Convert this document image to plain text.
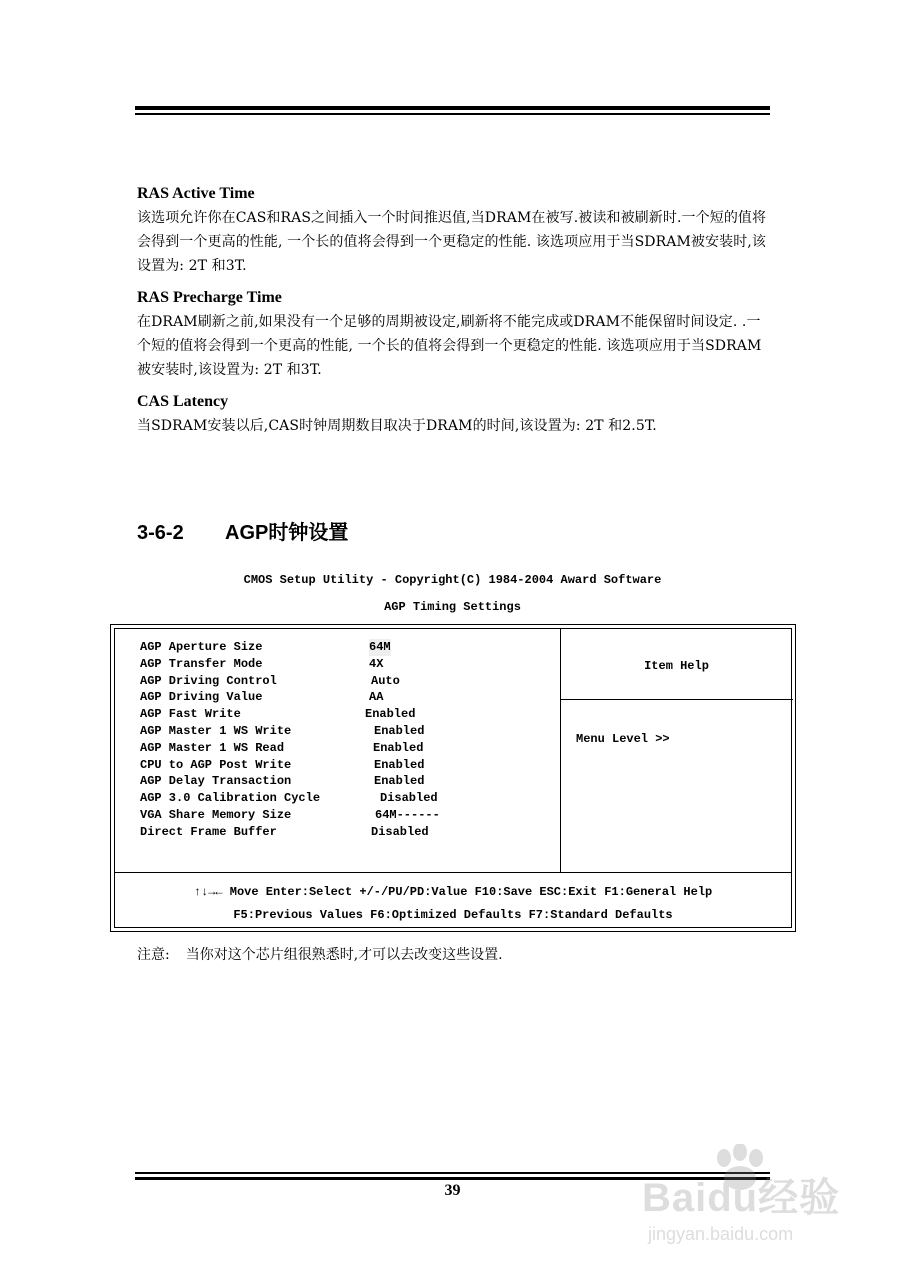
RAS Active Time

该选项允许你在CAS和RAS之间插入一个时间推迟值,当DRAM在被写.被读和被刷新时.一个短的值将会得到一个更高的性能, 一个长的值将会得到一个更稳定的性能. 该选项应用于当SDRAM被安装时,该设置为: 2T 和3T.

RAS Precharge Time

在DRAM刷新之前,如果没有一个足够的周期被设定,刷新将不能完成或DRAM不能保留时间设定. .一个短的值将会得到一个更高的性能, 一个长的值将会得到一个更稳定的性能. 该选项应用于当SDRAM被安装时,该设置为: 2T 和3T.

CAS Latency

当SDRAM安装以后,CAS时钟周期数目取决于DRAM的时间,该设置为: 2T 和2.5T.

3-6-2 AGP时钟设置
CMOS Setup Utility - Copyright(C) 1984-2004 Award Software
AGP Timing Settings
AGP Aperture Size	64M
AGP Transfer Mode	4X
AGP Driving Control	Auto
AGP Driving Value	AA
AGP Fast Write	Enabled
AGP Master 1 WS Write	Enabled
AGP Master 1 WS Read	Enabled
CPU to AGP Post Write	Enabled
AGP Delay Transaction	Enabled
AGP 3.0 Calibration Cycle	Disabled
VGA Share Memory Size	64M------
Direct Frame Buffer	Disabled
Item Help
Menu Level >>
↑↓→← Move Enter:Select +/-/PU/PD:Value F10:Save ESC:Exit F1:General Help
F5:Previous Values F6:Optimized Defaults F7:Standard Defaults
注意: 当你对这个芯片组很熟悉时,才可以去改变这些设置.
39	Baidu经验
jingyan.baidu.com
